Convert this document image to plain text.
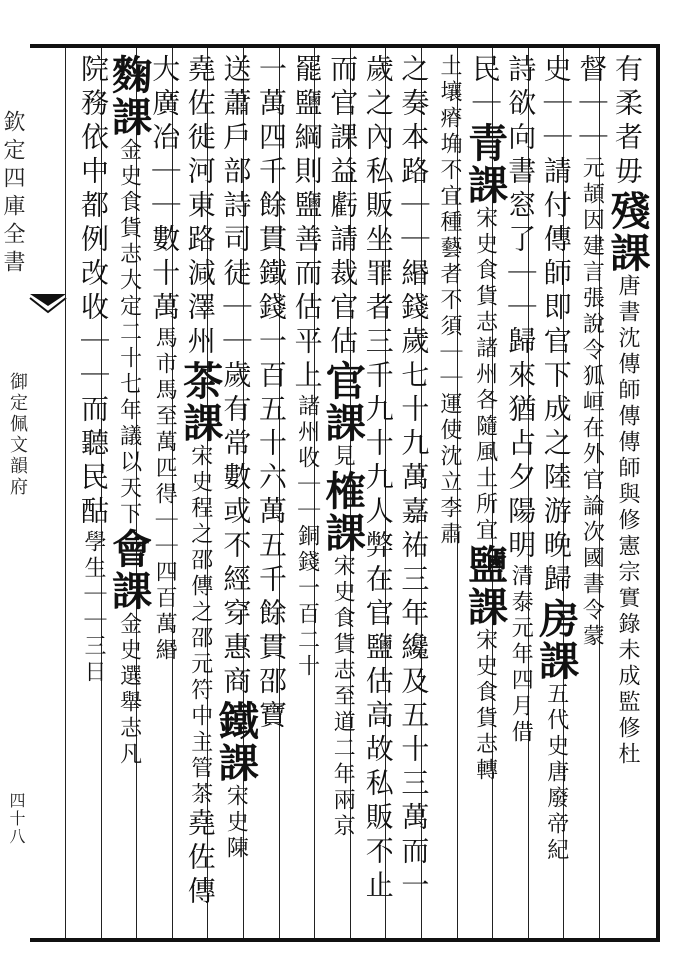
欽定四庫全書
御定佩文韻府
四十八
有柔者毋殘課唐書沈傳師傳傳師與修憲宗實錄未成監修杜
督｜｜元頡因建言張說令狐峘在外官論次國書令蒙
史｜｜請付傳師即官下成之陸游晚歸房課五代史唐廢帝紀
詩欲向書窓了｜｜歸來猶占夕陽明清泰元年四月借
民｜青課宋史食貨志諸州各隨風土所宜鹽課宋史食貨志轉
土壤瘠埆不宜種藝者不須｜｜運使沈立李肅
之奏本路｜｜緡錢歲七十九萬嘉祐三年纔及五十三萬而一
歲之內私販坐罪者三千九十九人弊在官鹽估高故私販不止
而官課益虧請裁官估官課見榷課宋史食貨志至道二年兩京
罷鹽綱則鹽善而估平上諸州收｜｜銅錢一百二十
一萬四千餘貫鐵錢一百五十六萬五千餘貫邵寶
送蕭戶部詩司徒｜｜歲有常數或不經穿惠商鐵課宋史陳
堯佐徙河東路減澤州茶課宋史程之邵傳之邵元符中主管茶堯佐傳
大廣冶｜｜數十萬馬市馬至萬匹得｜｜四百萬緡
麴課金史食貨志大定二十七年議以天下會課金史選舉志凡
院務依中都例改收｜｜而聽民酤學生｜｜三日
